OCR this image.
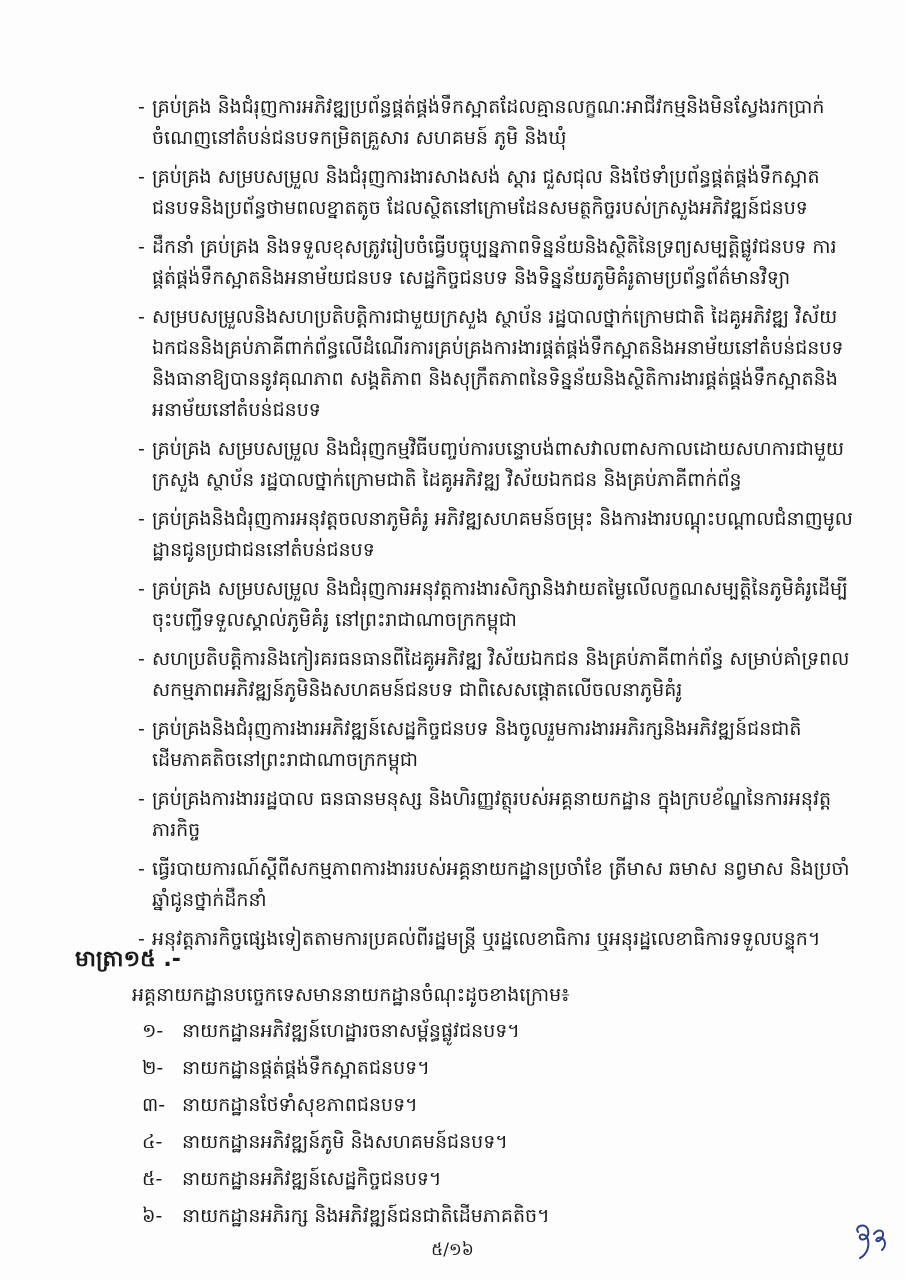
- គ្រប់គ្រង និងជំរុញការអភិវឌ្ឍប្រព័ន្ធផ្គត់ផ្គង់ទឹកស្អាតដែលគ្មានលក្ខណៈអាជីវកម្មនិងមិនស្វែងរកប្រាក់ចំណេញនៅតំបន់ជនបទកម្រិតគ្រួសារ សហគមន៍ ភូមិ និងឃុំ
- គ្រប់គ្រង សម្របសម្រួល និងជំរុញការងារសាងសង់ ស្ដារ ជួសជុល និងថែទាំប្រព័ន្ធផ្គត់ផ្គង់ទឹកស្អាតជនបទនិងប្រព័ន្ធថាមពលខ្នាតតូច ដែលស្ថិតនៅក្រោមដែនសមត្ថកិច្ចរបស់ក្រសួងអភិវឌ្ឍន៍ជនបទ
- ដឹកនាំ គ្រប់គ្រង និងទទួលខុសត្រូវរៀបចំធ្វើបច្ចុប្បន្នភាពទិន្នន័យនិងស្ថិតិនៃទ្រព្យសម្បត្តិផ្លូវជនបទ ការផ្គត់ផ្គង់ទឹកស្អាតនិងអនាម័យជនបទ សេដ្ឋកិច្ចជនបទ និងទិន្នន័យភូមិគំរូតាមប្រព័ន្ធព័ត៌មានវិទ្យា
- សម្របសម្រួលនិងសហប្រតិបត្តិការជាមួយក្រសួង ស្ថាប័ន រដ្ឋបាលថ្នាក់ក្រោមជាតិ ដៃគូអភិវឌ្ឍ វិស័យឯកជននិងគ្រប់ភាគីពាក់ព័ន្ធលើដំណើរការគ្រប់គ្រងការងារផ្គត់ផ្គង់ទឹកស្អាតនិងអនាម័យនៅតំបន់ជនបទ និងធានាឱ្យបាននូវគុណភាព សង្គតិភាព និងសុក្រឹតភាពនៃទិន្នន័យនិងស្ថិតិការងារផ្គត់ផ្គង់ទឹកស្អាតនិងអនាម័យនៅតំបន់ជនបទ
- គ្រប់គ្រង សម្របសម្រួល និងជំរុញកម្មវិធីបញ្ចប់ការបន្ទោបង់ពាសវាលពាសកាលដោយសហការជាមួយក្រសួង ស្ថាប័ន រដ្ឋបាលថ្នាក់ក្រោមជាតិ ដៃគូអភិវឌ្ឍ វិស័យឯកជន និងគ្រប់ភាគីពាក់ព័ន្ធ
- គ្រប់គ្រងនិងជំរុញការអនុវត្តចលនាភូមិគំរូ អភិវឌ្ឍសហគមន៍ចម្រុះ និងការងារបណ្ដុះបណ្ដាលជំនាញមូលដ្ឋានជូនប្រជាជននៅតំបន់ជនបទ
- គ្រប់គ្រង សម្របសម្រួល និងជំរុញការអនុវត្តការងារសិក្សានិងវាយតម្លៃលើលក្ខណសម្បត្តិនៃភូមិគំរូដើម្បីចុះបញ្ជីទទួលស្គាល់ភូមិគំរូ នៅព្រះរាជាណាចក្រកម្ពុជា
- សហប្រតិបត្តិការនិងកៀរគរធនធានពីដៃគូអភិវឌ្ឍ វិស័យឯកជន និងគ្រប់ភាគីពាក់ព័ន្ធ សម្រាប់គាំទ្រពលសកម្មភាពអភិវឌ្ឍន៍ភូមិនិងសហគមន៍ជនបទ ជាពិសេសផ្ដោតលើចលនាភូមិគំរូ
- គ្រប់គ្រងនិងជំរុញការងារអភិវឌ្ឍន៍សេដ្ឋកិច្ចជនបទ និងចូលរួមការងារអភិរក្សនិងអភិវឌ្ឍន៍ជនជាតិដើមភាគតិចនៅព្រះរាជាណាចក្រកម្ពុជា
- គ្រប់គ្រងការងាររដ្ឋបាល ធនធានមនុស្ស និងហិរញ្ញវត្ថុរបស់អគ្គនាយកដ្ឋាន ក្នុងក្របខ័ណ្ឌនៃការអនុវត្តភារកិច្ច
- ធ្វើរបាយការណ៍ស្ដីពីសកម្មភាពការងាររបស់អគ្គនាយកដ្ឋានប្រចាំខែ ត្រីមាស ឆមាស នព្វមាស និងប្រចាំឆ្នាំជូនថ្នាក់ដឹកនាំ
- អនុវត្តភារកិច្ចផ្សេងទៀតតាមការប្រគល់ពីរដ្ឋមន្ត្រី ឬរដ្ឋលេខាធិការ ឬអនុរដ្ឋលេខាធិការទទួលបន្ទុក។
មាត្រា១៥ .-
អគ្គនាយកដ្ឋានបច្ចេកទេសមាននាយកដ្ឋានចំណុះដូចខាងក្រោម៖
១- នាយកដ្ឋានអភិវឌ្ឍន៍ហេដ្ឋារចនាសម្ព័ន្ធផ្លូវជនបទ។
២- នាយកដ្ឋានផ្គត់ផ្គង់ទឹកស្អាតជនបទ។
៣- នាយកដ្ឋានថែទាំសុខភាពជនបទ។
៤- នាយកដ្ឋានអភិវឌ្ឍន៍ភូមិ និងសហគមន៍ជនបទ។
៥- នាយកដ្ឋានអភិវឌ្ឍន៍សេដ្ឋកិច្ចជនបទ។
៦- នាយកដ្ឋានអភិរក្ស និងអភិវឌ្ឍន៍ជនជាតិដើមភាគតិច។
៥/១៦
